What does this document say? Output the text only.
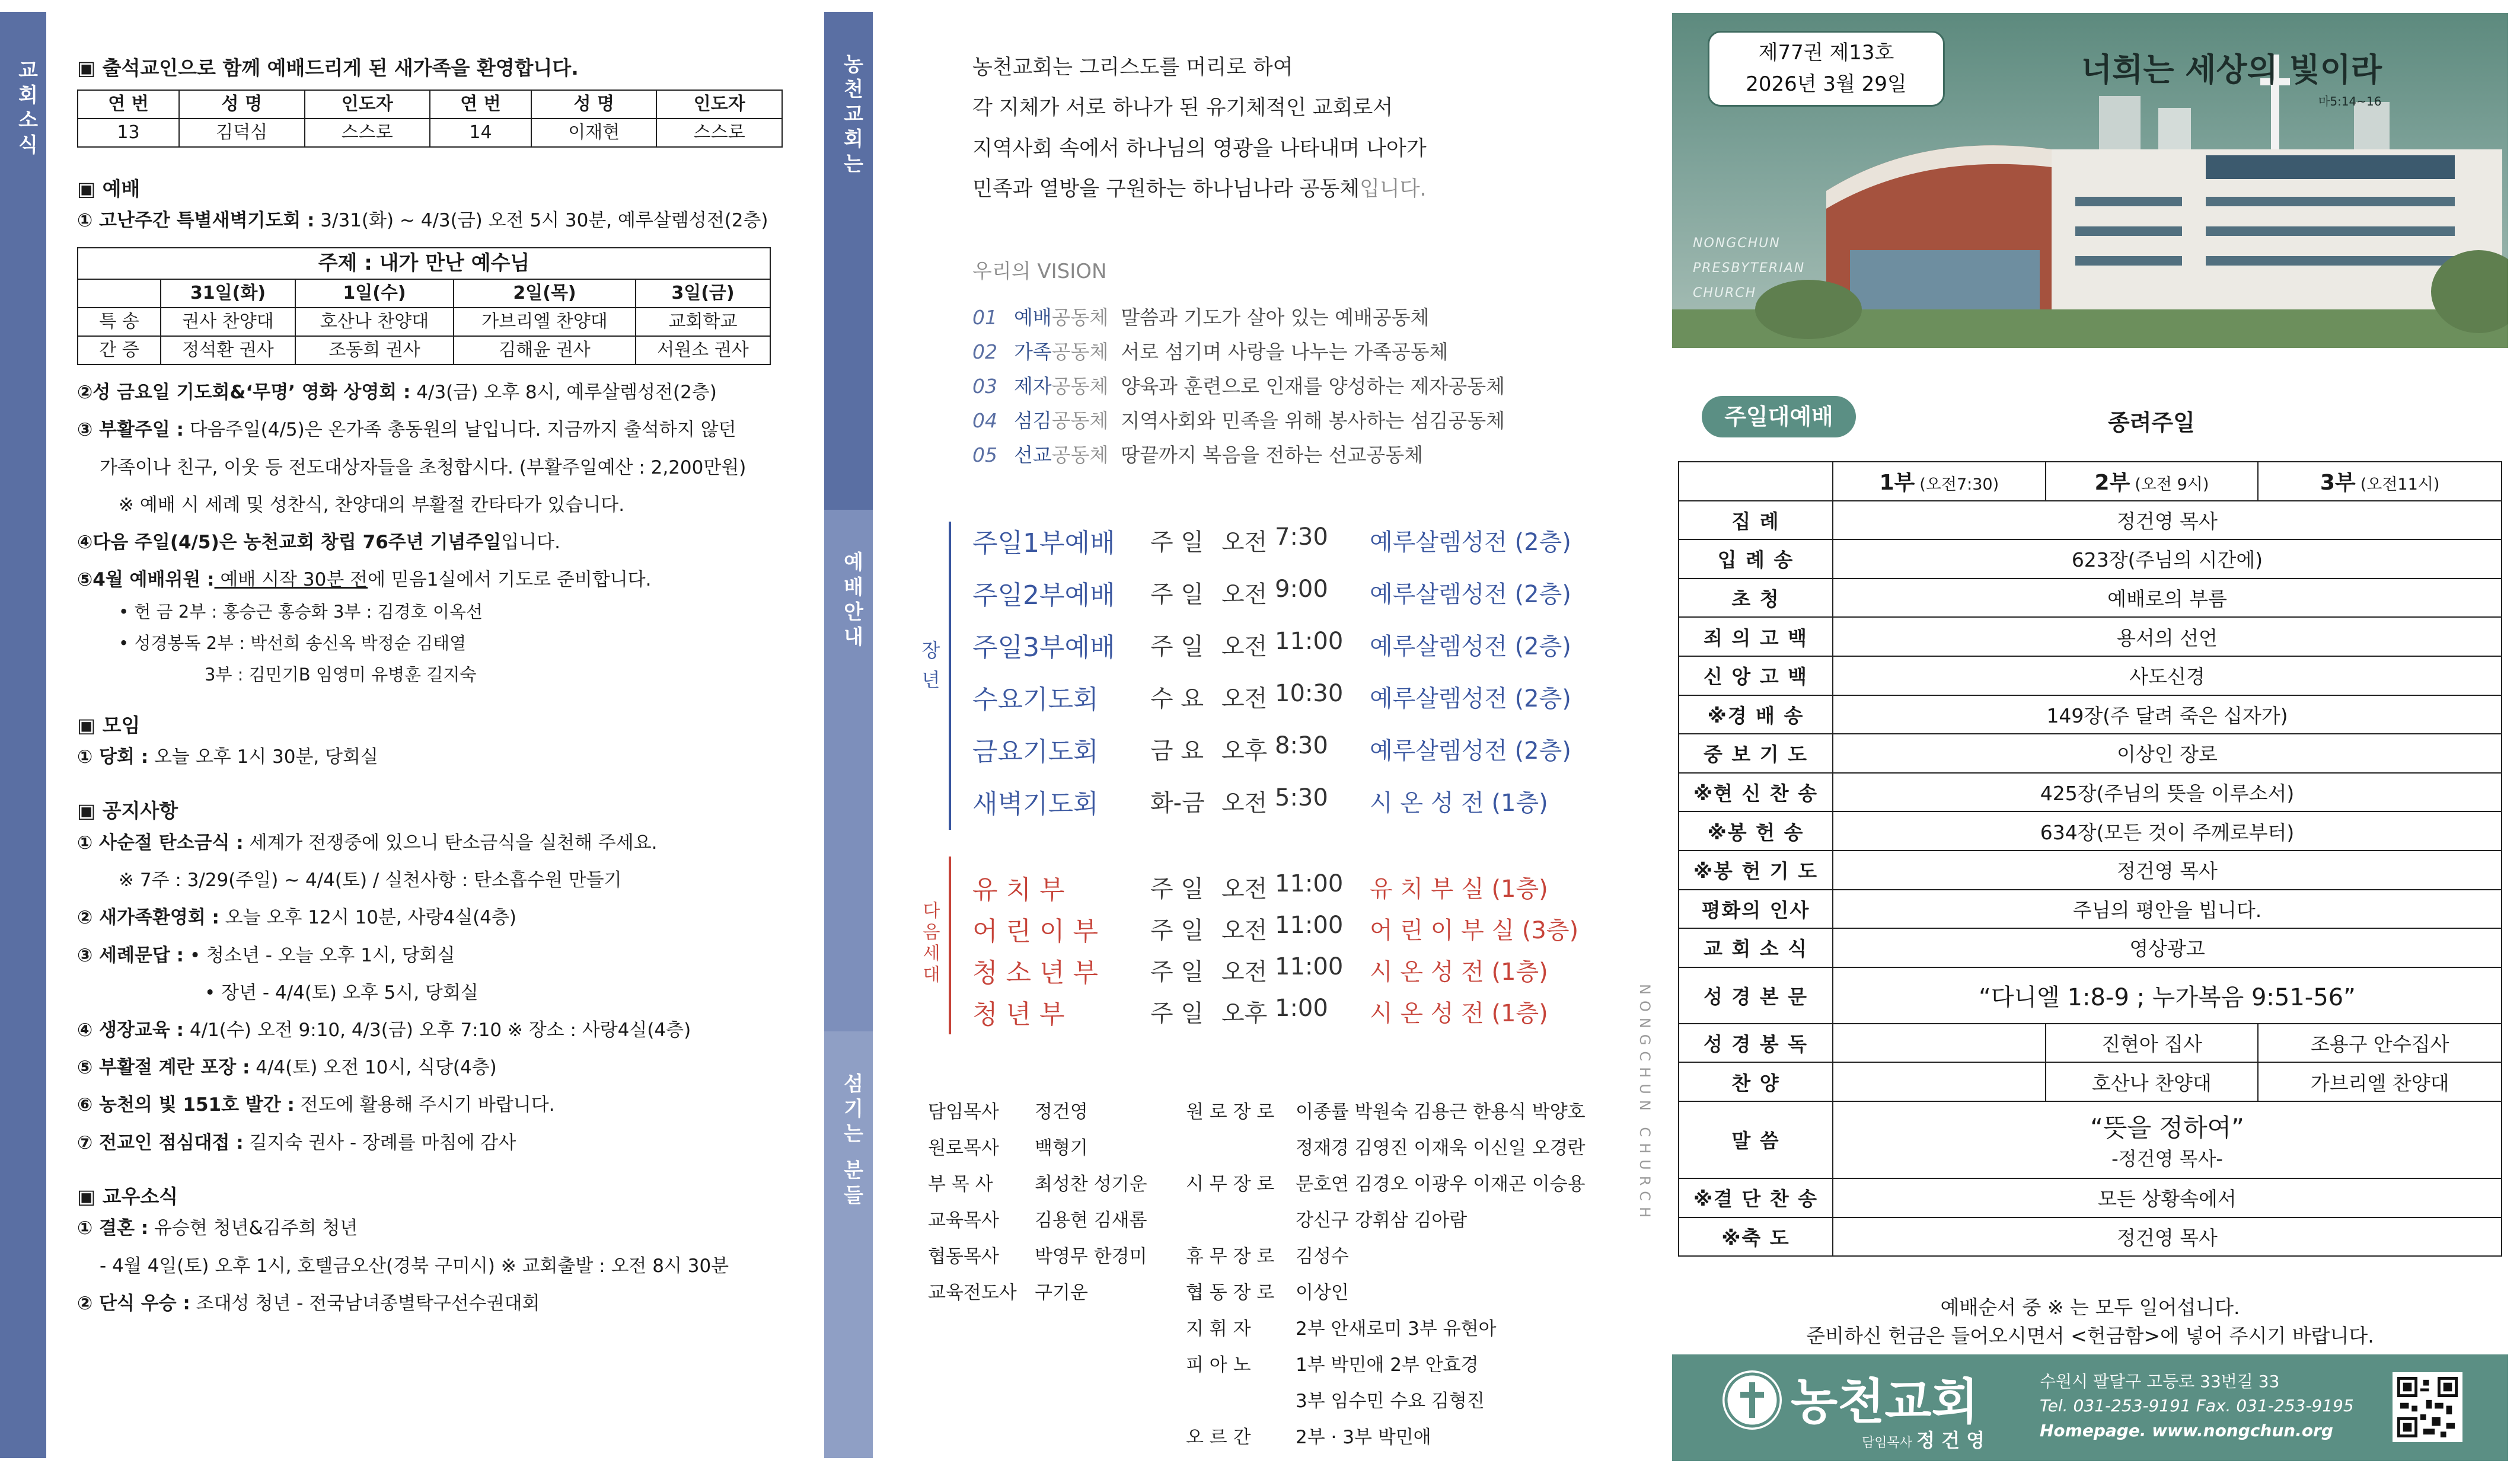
교회소식	▣ 출석교인으로 함께 예배드리게 된 새가족을 환영합니다.
연 번	성 명	인도자	연 번	성 명	인도자
13	김덕심	스스로	14	이재현	스스로
▣ 예배
① 고난주간 특별새벽기도회 : 3/31(화) ~ 4/3(금) 오전 5시 30분, 예루살렘성전(2층)
주제 : 내가 만난 예수님				
	31일(화)	1일(수)	2일(목)	3일(금)
특 송	권사 찬양대	호산나 찬양대	가브리엘 찬양대	교회학교
간 증	정석환 권사	조동희 권사	김해윤 권사	서원소 권사
②성 금요일 기도회&‘무명’ 영화 상영회 : 4/3(금) 오후 8시, 예루살렘성전(2층)
③ 부활주일 : 다음주일(4/5)은 온가족 총동원의 날입니다. 지금까지 출석하지 않던
가족이나 친구, 이웃 등 전도대상자들을 초청합시다. (부활주일예산 : 2,200만원)
※ 예배 시 세례 및 성찬식, 찬양대의 부활절 칸타타가 있습니다.
④다음 주일(4/5)은 농천교회 창립 76주년 기념주일입니다.
⑤4월 예배위원 : 예배 시작 30분 전에 믿음1실에서 기도로 준비합니다.
• 헌 금 2부 : 홍승근 홍승화 3부 : 김경호 이옥선
• 성경봉독 2부 : 박선희 송신옥 박정순 김태열
3부 : 김민기B 임영미 유병훈 길지숙
▣ 모임
① 당회 : 오늘 오후 1시 30분, 당회실
▣ 공지사항
① 사순절 탄소금식 : 세계가 전쟁중에 있으니 탄소금식을 실천해 주세요.
※ 7주 : 3/29(주일) ~ 4/4(토) / 실천사항 : 탄소흡수원 만들기
② 새가족환영회 : 오늘 오후 12시 10분, 사랑4실(4층)
③ 세례문답 : • 청소년 - 오늘 오후 1시, 당회실
• 장년 - 4/4(토) 오후 5시, 당회실
④ 생장교육 : 4/1(수) 오전 9:10, 4/3(금) 오후 7:10 ※ 장소 : 사랑4실(4층)
⑤ 부활절 계란 포장 : 4/4(토) 오전 10시, 식당(4층)
⑥ 농천의 빛 151호 발간 : 전도에 활용해 주시기 바랍니다.
⑦ 전교인 점심대접 : 길지숙 권사 - 장례를 마침에 감사
▣ 교우소식
① 결혼 : 유승현 청년&김주희 청년
- 4월 4일(토) 오후 1시, 호텔금오산(경북 구미시) ※ 교회출발 : 오전 8시 30분
② 단식 우승 : 조대성 청년 - 전국남녀종별탁구선수권대회
농천교회는
예배안내
섬기는 분들
농천교회는 그리스도를 머리로 하여
각 지체가 서로 하나가 된 유기체적인 교회로서
지역사회 속에서 하나님의 영광을 나타내며 나아가
민족과 열방을 구원하는 하나님나라 공동체입니다.
우리의 VISION
01 예배공동체 말씀과 기도가 살아 있는 예배공동체
02 가족공동체 서로 섬기며 사랑을 나누는 가족공동체
03 제자공동체 양육과 훈련으로 인재를 양성하는 제자공동체
04 섬김공동체 지역사회와 민족을 위해 봉사하는 섬김공동체
05 선교공동체 땅끝까지 복음을 전하는 선교공동체
장년
주일1부예배 주 일 오전 7:30 예루살렘성전 (2층)
주일2부예배 주 일 오전 9:00 예루살렘성전 (2층)
주일3부예배 주 일 오전 11:00 예루살렘성전 (2층)
수요기도회 수 요 오전 10:30 예루살렘성전 (2층)
금요기도회 금 요 오후 8:30 예루살렘성전 (2층)
새벽기도회 화-금 오전 5:30 시 온 성 전 (1층)
다음세대
유 치 부	주 일 오전 11:00 유 치 부 실 (1층)
어 린 이 부 주 일 오전 11:00 어 린 이 부 실 (3층)
청 소 년 부 주 일 오전 11:00 시 온 성 전 (1층)
청 년 부	주 일 오후 1:00 시 온 성 전 (1층)
담임목사 정건영
원로목사 백형기
부 목 사 최성찬 성기운
교육목사 김용현 김새롬
협동목사 박영무 한경미
교육전도사 구기운
원 로 장 로 이종률 박원숙 김용근 한용식 박양호
정재경 김영진 이재욱 이신일 오경란
시 무 장 로 문호연 김경오 이광우 이재곤 이승용
강신구 강휘삼 김아람
휴 무 장 로 김성수
협 동 장 로 이상인
지 휘 자 2부 안새로미 3부 유현아
피 아 노 1부 박민애 2부 안효경
3부 임수민 수요 김형진
오 르 간 2부 · 3부 박민애
NONGCHUN CHURCH
제77권 제13호
2026년 3월 29일	너희는 세상의 빛이라
마5:14~16
NONGCHUN
PRESBYTERIAN
CHURCH
주일대예배	종려주일
	1부 (오전7:30)	2부 (오전 9시)	3부 (오전11시)
집 례	정건영 목사		
입 례 송	623장(주님의 시간에)		
초 청	예배로의 부름		
죄 의 고 백	용서의 선언		
신 앙 고 백	사도신경		
※경 배 송	149장(주 달려 죽은 십자가)		
중 보 기 도	이상인 장로		
※현 신 찬 송	425장(주님의 뜻을 이루소서)		
※봉 헌 송	634장(모든 것이 주께로부터)		
※봉 헌 기 도	정건영 목사		
평화의 인사	주님의 평안을 빕니다.		
교 회 소 식	영상광고		
성 경 본 문	“다니엘 1:8-9 ; 누가복음 9:51-56”		
성 경 봉 독		진현아 집사	조용구 안수집사
찬 양		호산나 찬양대	가브리엘 찬양대
말 씀	“뜻을 정하여”
-정건영 목사-		

※결 단 찬 송	모든 상황속에서		
※축 도	정건영 목사		
예배순서 중 ※ 는 모두 일어섭니다.
준비하신 헌금은 들어오시면서 <헌금함>에 넣어 주시기 바랍니다.
농천교회
담임목사 정 건 영
수원시 팔달구 고등로 33번길 33
Tel. 031-253-9191 Fax. 031-253-9195
Homepage. www.nongchun.org
